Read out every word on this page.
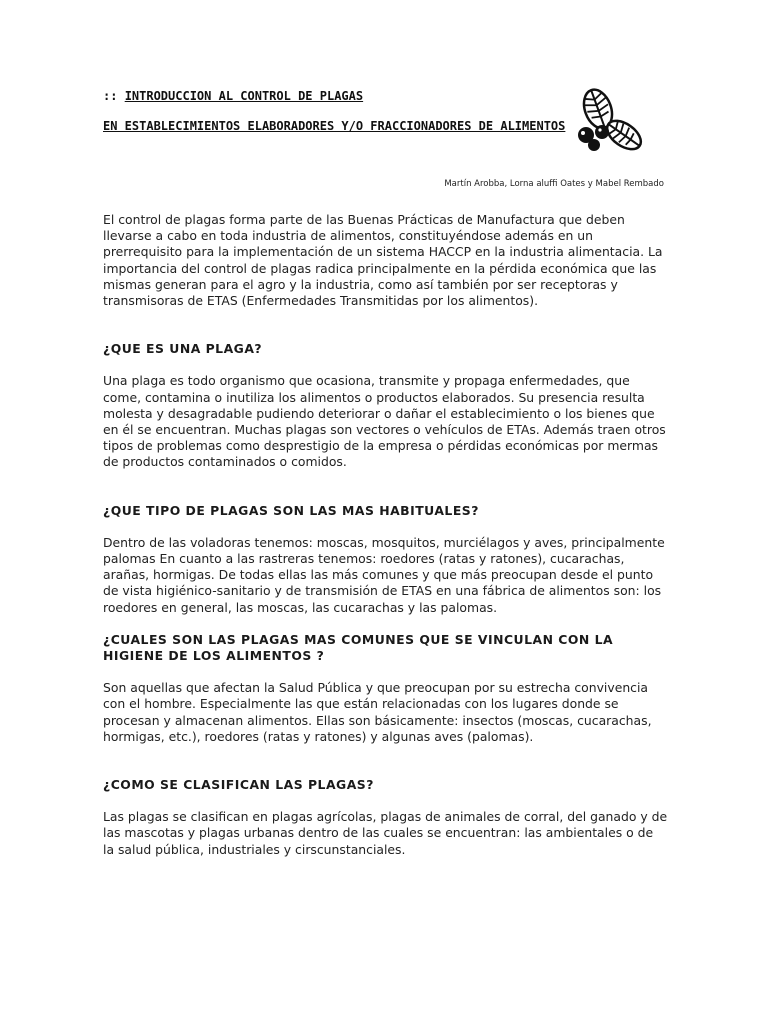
:: INTRODUCCION AL CONTROL DE PLAGAS
EN ESTABLECIMIENTOS ELABORADORES Y/O FRACCIONADORES DE ALIMENTOS
Martín Arobba, Lorna aluffi Oates y Mabel Rembado

El control de plagas forma parte de las Buenas Prácticas de Manufactura que deben llevarse a cabo en toda industria de alimentos, constituyéndose además en un prerrequisito para la implementación de un sistema HACCP en la industria alimentacia. La importancia del control de plagas radica principalmente en la pérdida económica que las mismas generan para el agro y la industria, como así también por ser receptoras y transmisoras de ETAS (Enfermedades Transmitidas por los alimentos).

¿QUE ES UNA PLAGA?

Una plaga es todo organismo que ocasiona, transmite y propaga enfermedades, que come, contamina o inutiliza los alimentos o productos elaborados. Su presencia resulta molesta y desagradable pudiendo deteriorar o dañar el establecimiento o los bienes que en él se encuentran. Muchas plagas son vectores o vehículos de ETAs. Además traen otros tipos de problemas como desprestigio de la empresa o pérdidas económicas por mermas de productos contaminados o comidos.

¿QUE TIPO DE PLAGAS SON LAS MAS HABITUALES?

Dentro de las voladoras tenemos: moscas, mosquitos, murciélagos y aves, principalmente palomas En cuanto a las rastreras tenemos: roedores (ratas y ratones), cucarachas, arañas, hormigas. De todas ellas las más comunes y que más preocupan desde el punto de vista higiénico-sanitario y de transmisión de ETAS en una fábrica de alimentos son: los roedores en general, las moscas, las cucarachas y las palomas.

¿CUALES SON LAS PLAGAS MAS COMUNES QUE SE VINCULAN CON LA HIGIENE DE LOS ALIMENTOS ?

Son aquellas que afectan la Salud Pública y que preocupan por su estrecha convivencia con el hombre. Especialmente las que están relacionadas con los lugares donde se procesan y almacenan alimentos. Ellas son básicamente: insectos (moscas, cucarachas, hormigas, etc.), roedores (ratas y ratones) y algunas aves (palomas).

¿COMO SE CLASIFICAN LAS PLAGAS?

Las plagas se clasifican en plagas agrícolas, plagas de animales de corral, del ganado y de las mascotas y plagas urbanas dentro de las cuales se encuentran: las ambientales o de la salud pública, industriales y cirscunstanciales.
